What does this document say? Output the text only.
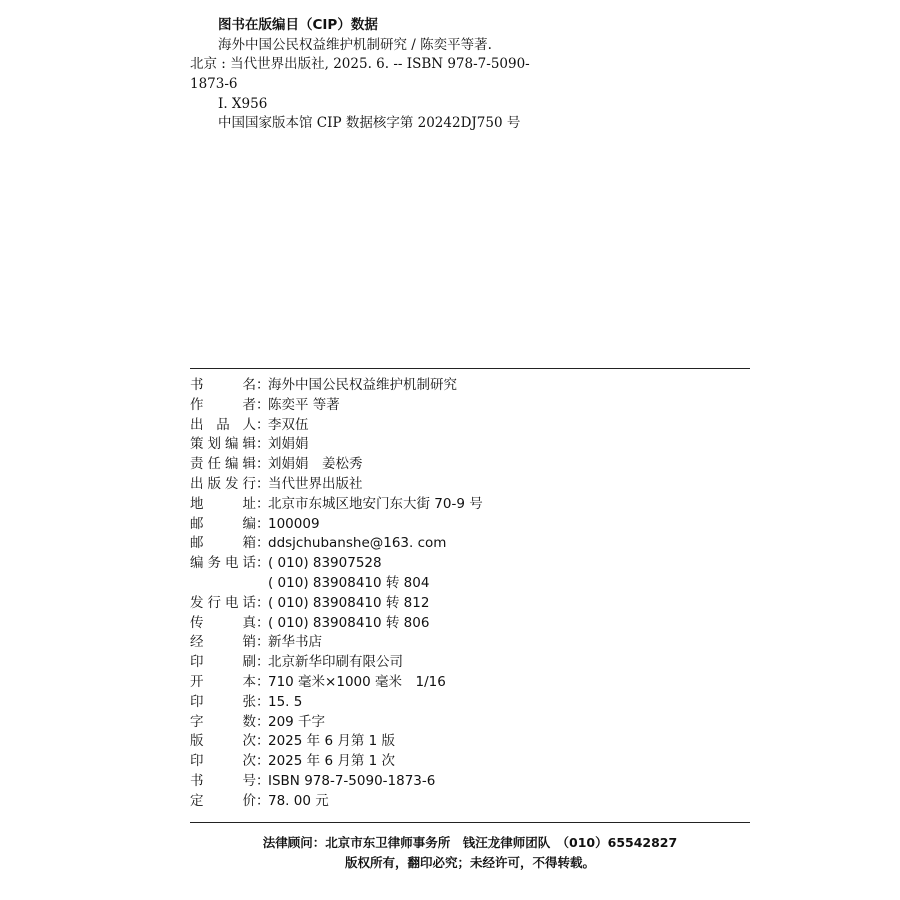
图书在版编目（CIP）数据
海外中国公民权益维护机制研究 / 陈奕平等著.
北京 : 当代世界出版社, 2025. 6. -- ISBN 978-7-5090-
1873-6
Ⅰ. X956
中国国家版本馆 CIP 数据核字第 20242DJ750 号
书	名 ：
海外中国公民权益维护机制研究
作	者 ：
陈奕平 等著
出 品 人 ：
李双伍
策 划 编 辑 ：
刘娟娟
责 任 编 辑 ：
刘娟娟　姜松秀
出 版 发 行 ：
当代世界出版社
地	址 ：
北京市东城区地安门东大街 70-9 号
邮	编 ：
100009
邮	箱 ：
ddsjchubanshe@163. com
编 务 电 话 ：
( 010) 83907528
( 010) 83908410 转 804
发 行 电 话 ：
( 010) 83908410 转 812
传	真 ：
( 010) 83908410 转 806
经	销 ：
新华书店
印	刷 ：
北京新华印刷有限公司
开	本 ：
710 毫米×1000 毫米　1/16
印	张 ：
15. 5
字	数 ：
209 千字
版	次 ：
2025 年 6 月第 1 版
印	次 ：
2025 年 6 月第 1 次
书	号 ：
ISBN 978-7-5090-1873-6
定	价 ：
78. 00 元
法律顾问：北京市东卫律师事务所　钱汪龙律师团队　（010）65542827
版权所有，翻印必究；未经许可，不得转载。
